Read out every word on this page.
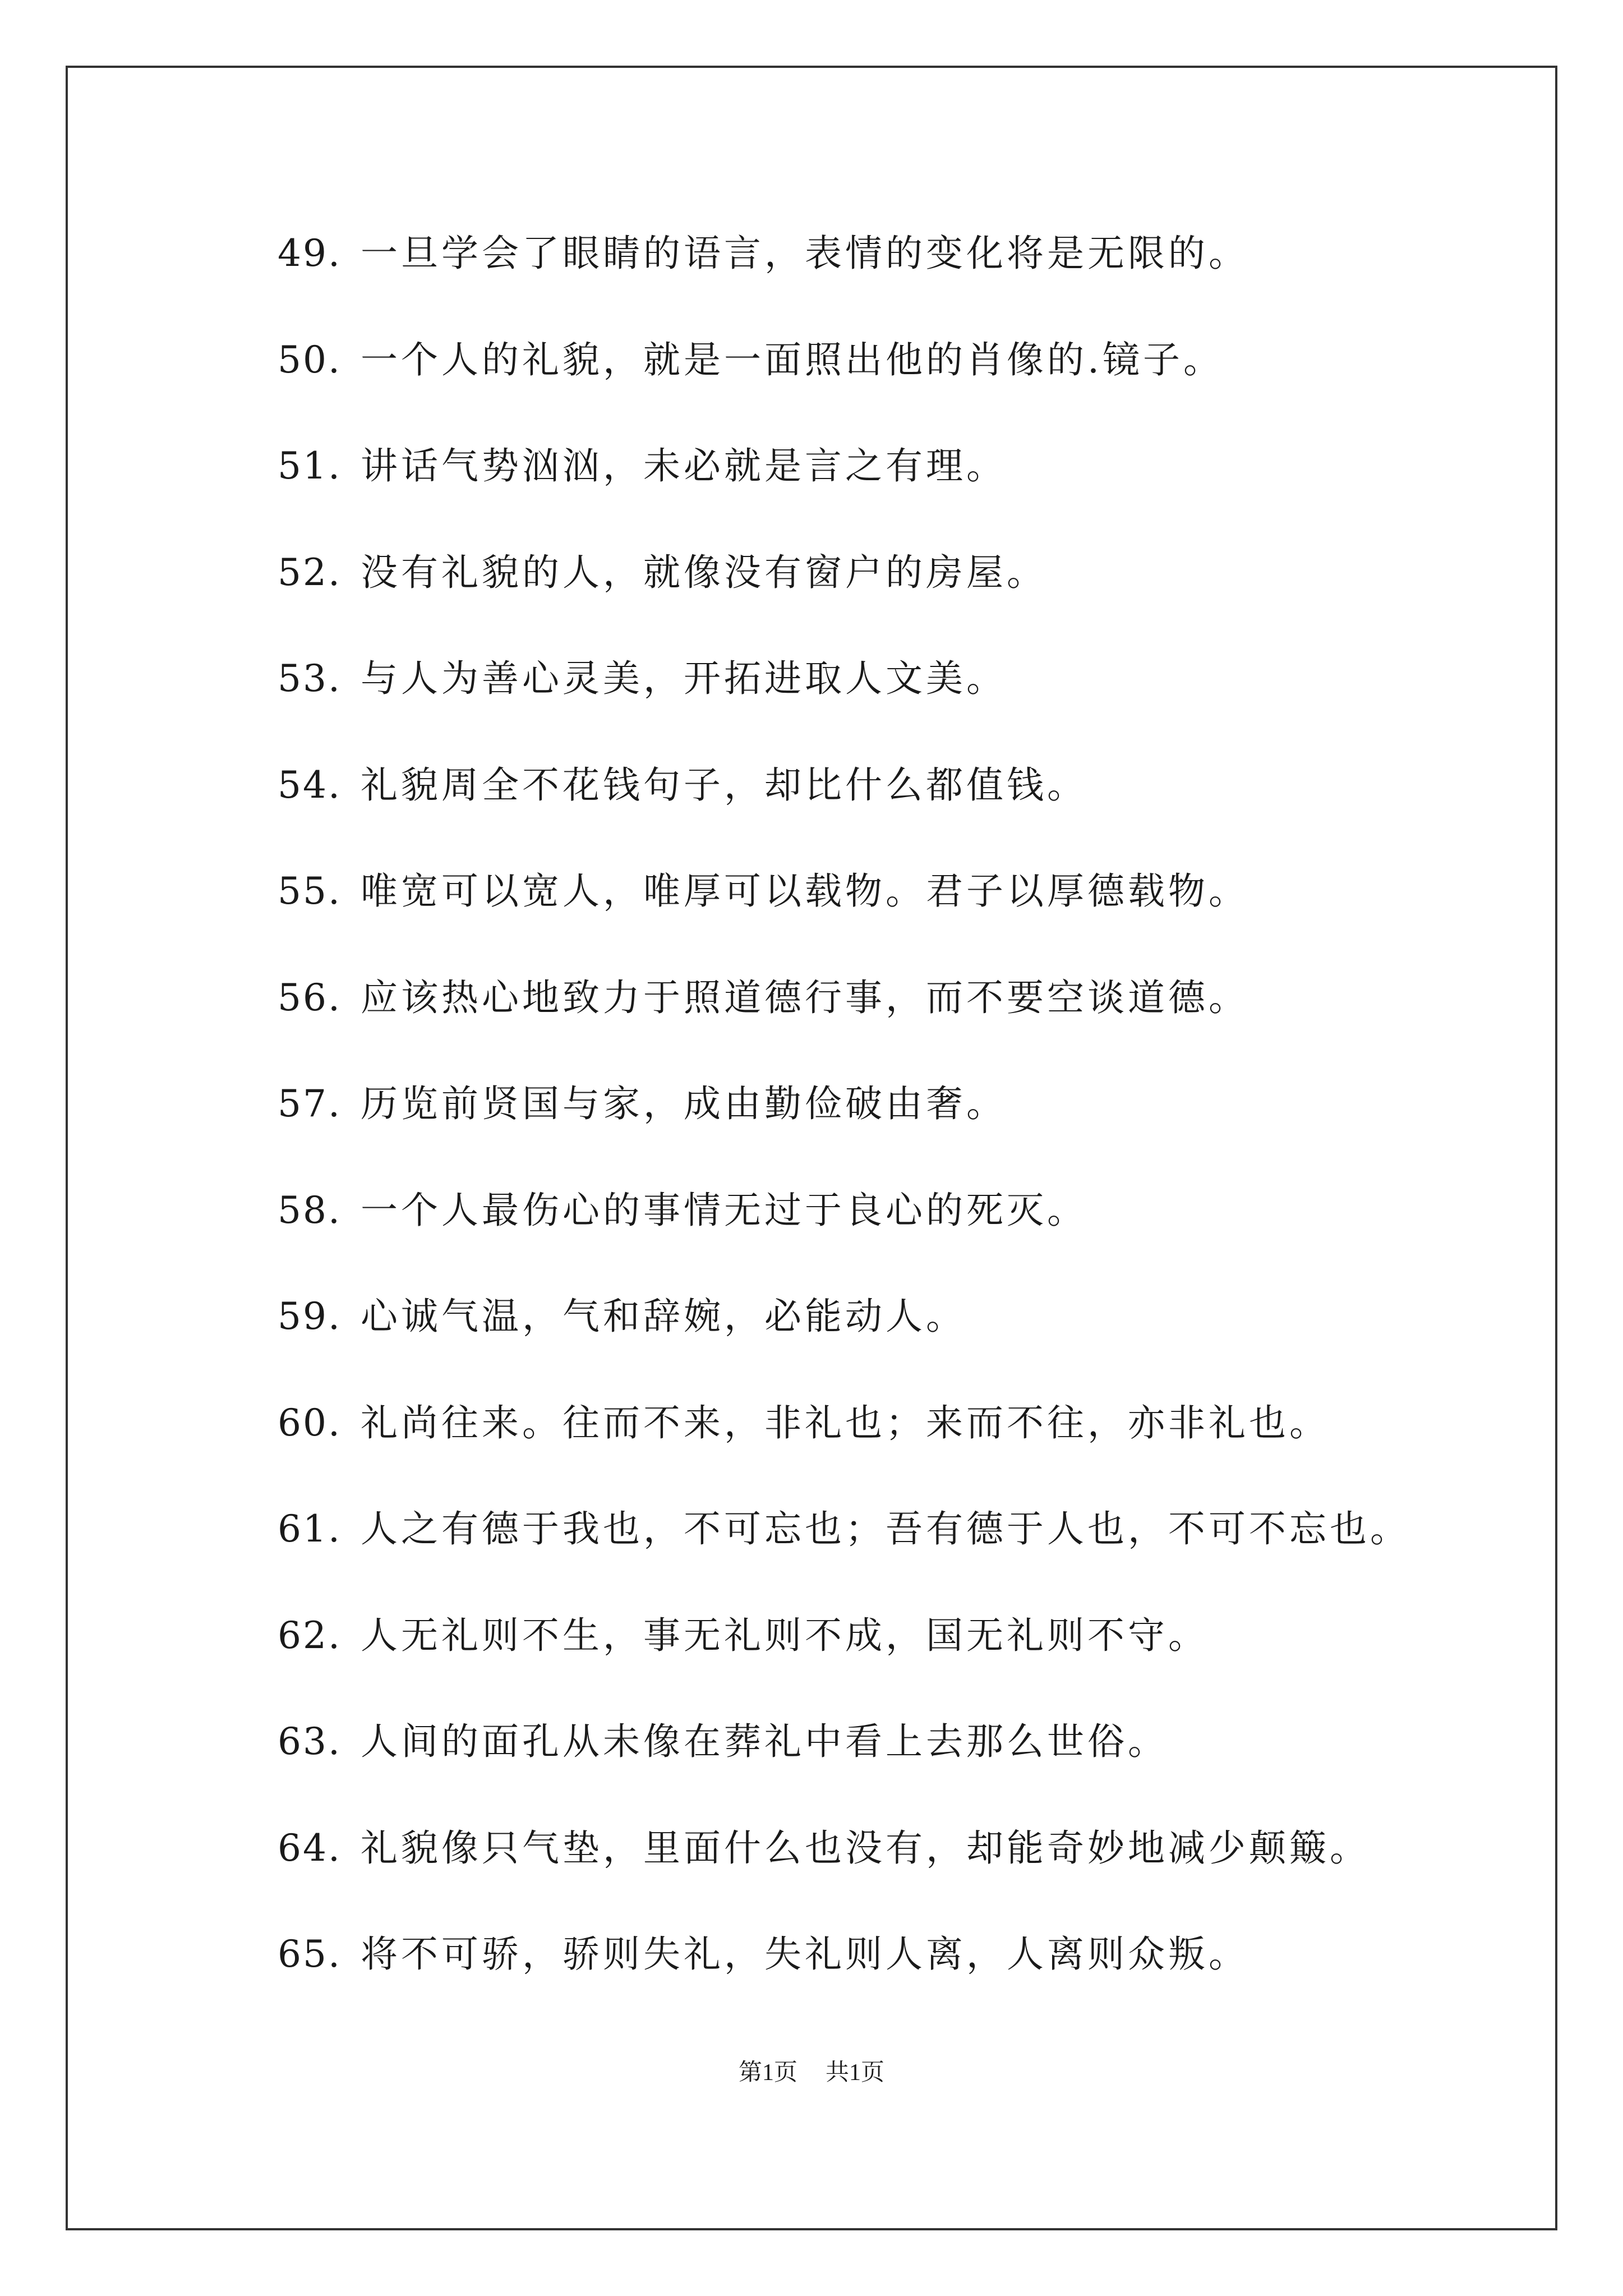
49. 一旦学会了眼睛的语言，表情的变化将是无限的。
50. 一个人的礼貌，就是一面照出他的肖像的.镜子。
51. 讲话气势汹汹，未必就是言之有理。
52. 没有礼貌的人，就像没有窗户的房屋。
53. 与人为善心灵美，开拓进取人文美。
54. 礼貌周全不花钱句子，却比什么都值钱。
55. 唯宽可以宽人，唯厚可以载物。君子以厚德载物。
56. 应该热心地致力于照道德行事，而不要空谈道德。
57. 历览前贤国与家，成由勤俭破由奢。
58. 一个人最伤心的事情无过于良心的死灭。
59. 心诚气温，气和辞婉，必能动人。
60. 礼尚往来。往而不来，非礼也；来而不往，亦非礼也。
61. 人之有德于我也，不可忘也；吾有德于人也，不可不忘也。
62. 人无礼则不生，事无礼则不成，国无礼则不守。
63. 人间的面孔从未像在葬礼中看上去那么世俗。
64. 礼貌像只气垫，里面什么也没有，却能奇妙地减少颠簸。
65. 将不可骄，骄则失礼，失礼则人离，人离则众叛。
第1页 共1页
